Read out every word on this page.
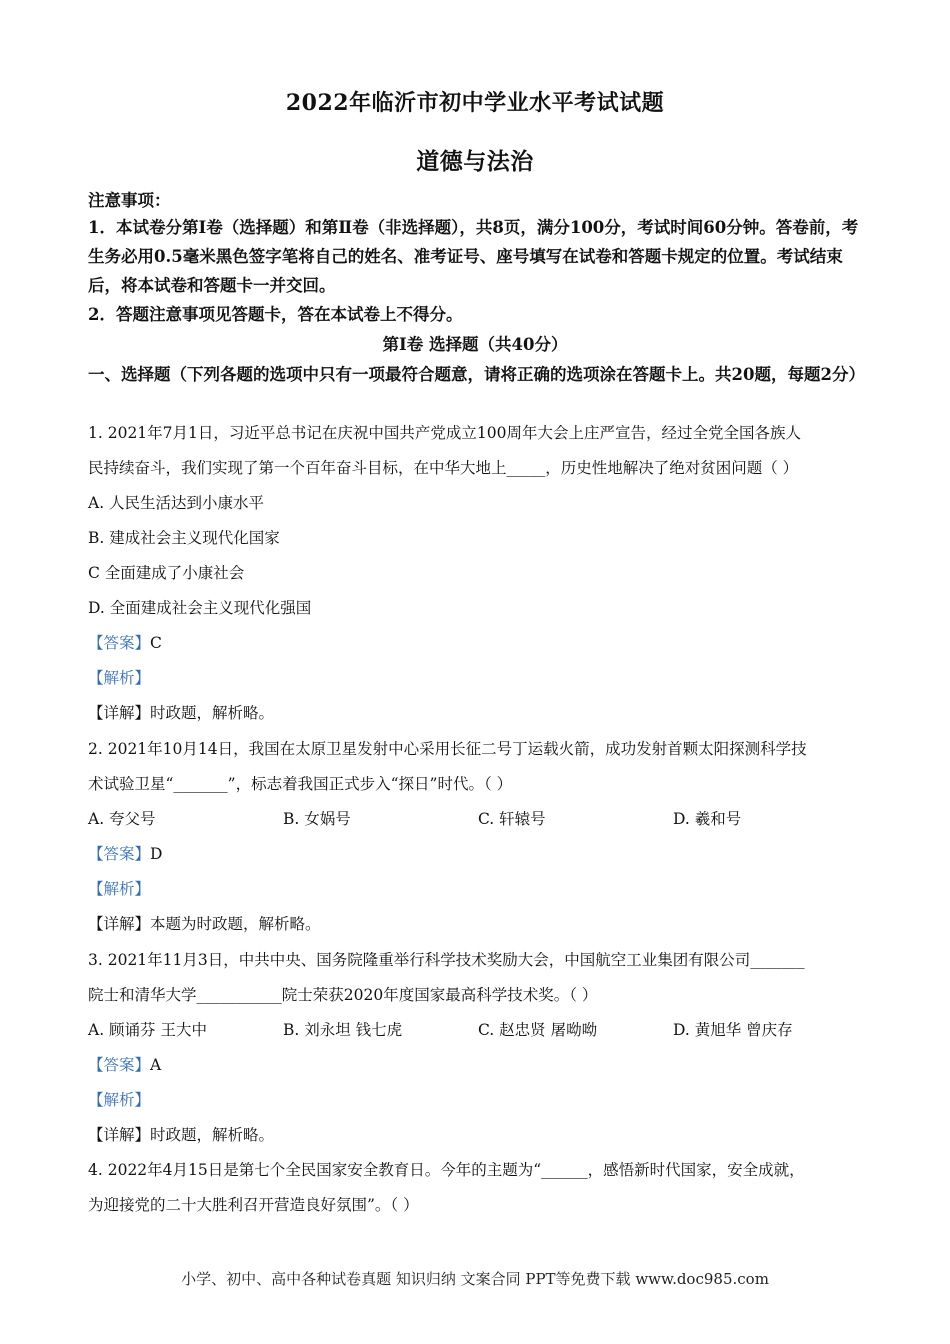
2022年临沂市初中学业水平考试试题
道德与法治
注意事项：
1．本试卷分第Ⅰ卷（选择题）和第Ⅱ卷（非选择题），共8页，满分100分，考试时间60分钟。答卷前，考生务必用0.5毫米黑色签字笔将自己的姓名、准考证号、座号填写在试卷和答题卡规定的位置。考试结束后，将本试卷和答题卡一并交回。
2．答题注意事项见答题卡，答在本试卷上不得分。
第Ⅰ卷 选择题（共40分）
一、选择题（下列各题的选项中只有一项最符合题意，请将正确的选项涂在答题卡上。共20题，每题2分）
1. 2021年7月1日，习近平总书记在庆祝中国共产党成立100周年大会上庄严宣告，经过全党全国各族人
民持续奋斗，我们实现了第一个百年奋斗目标，在中华大地上_____，历史性地解决了绝对贫困问题（ ）
A. 人民生活达到小康水平
B. 建成社会主义现代化国家
C 全面建成了小康社会
D. 全面建成社会主义现代化强国
【答案】C
【解析】
【详解】时政题，解析略。
2. 2021年10月14日，我国在太原卫星发射中心采用长征二号丁运载火箭，成功发射首颗太阳探测科学技
术试验卫星“_______”，标志着我国正式步入“探日”时代。（ ）
A. 夸父号	B. 女娲号	C. 轩辕号	D. 羲和号
【答案】D
【解析】
【详解】本题为时政题，解析略。
3. 2021年11月3日，中共中央、国务院隆重举行科学技术奖励大会，中国航空工业集团有限公司_______
院士和清华大学___________院士荣获2020年度国家最高科学技术奖。（ ）
A. 顾诵芬 王大中	B. 刘永坦 钱七虎	C. 赵忠贤 屠呦呦	D. 黄旭华 曾庆存
【答案】A
【解析】
【详解】时政题，解析略。
4. 2022年4月15日是第七个全民国家安全教育日。今年的主题为“______，感悟新时代国家，安全成就，
为迎接党的二十大胜利召开营造良好氛围”。（ ）
小学、初中、高中各种试卷真题 知识归纳 文案合同 PPT等免费下载 www.doc985.com
